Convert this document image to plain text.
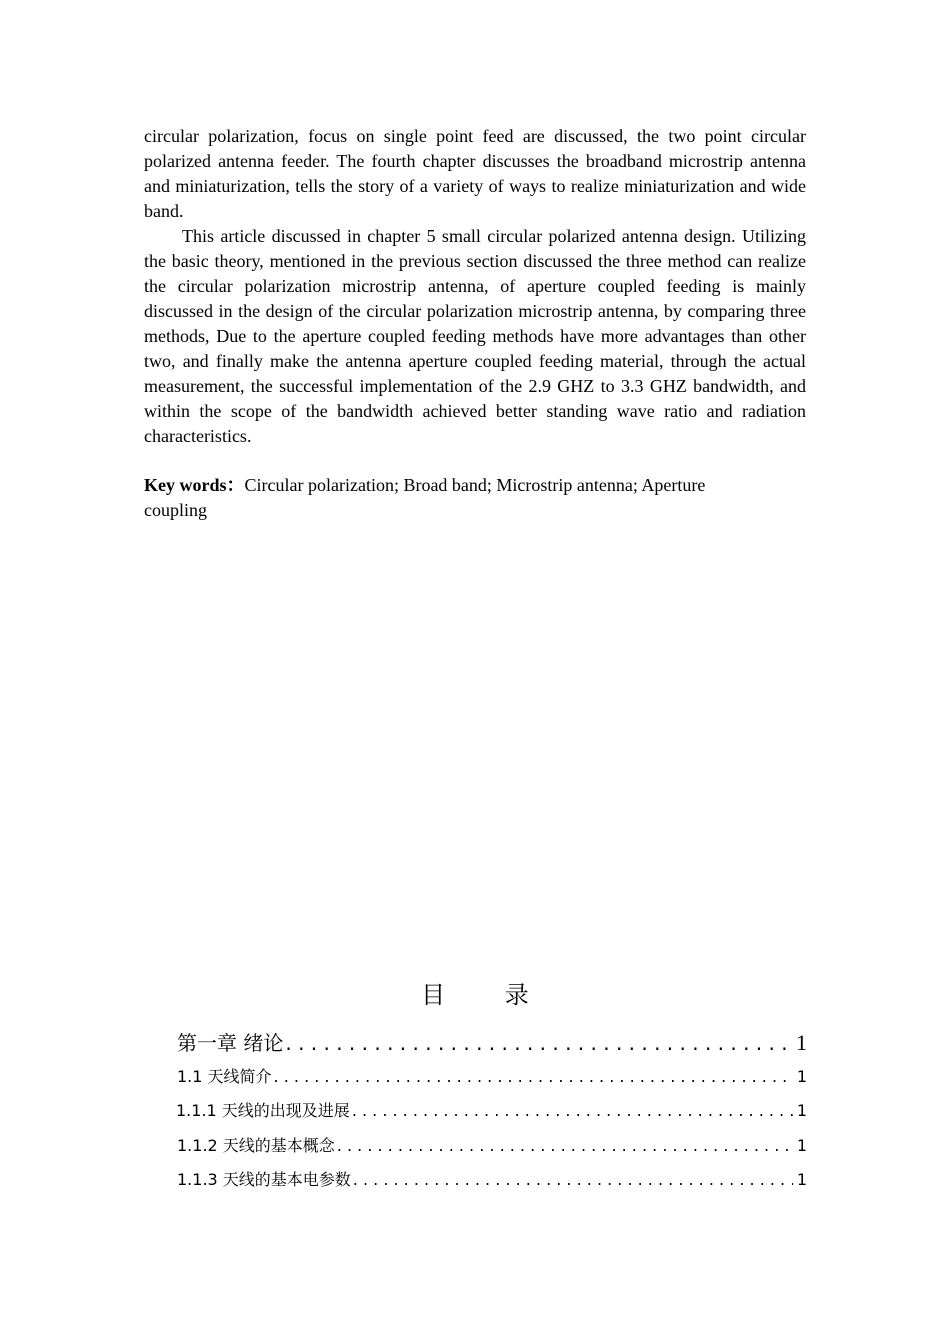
circular polarization, focus on single point feed are discussed, the two point circular polarized antenna feeder. The fourth chapter discusses the broadband microstrip antenna and miniaturization, tells the story of a variety of ways to realize miniaturization and wide band.
This article discussed in chapter 5 small circular polarized antenna design. Utilizing the basic theory, mentioned in the previous section discussed the three method can realize the circular polarization microstrip antenna, of aperture coupled feeding is mainly discussed in the design of the circular polarization microstrip antenna, by comparing three methods, Due to the aperture coupled feeding methods have more advantages than other two, and finally make the antenna aperture coupled feeding material, through the actual measurement, the successful implementation of the 2.9 GHZ to 3.3 GHZ bandwidth, and within the scope of the bandwidth achieved better standing wave ratio and radiation characteristics.
Key words：Circular polarization; Broad band; Microstrip antenna; Aperture coupling
目 录
第一章 绪论 . . .	1
1.1 天线简介 . . .	1
1.1.1 天线的出现及进展 . . .	1
1.1.2 天线的基本概念 . . .	1
1.1.3 天线的基本电参数 . . .	1
